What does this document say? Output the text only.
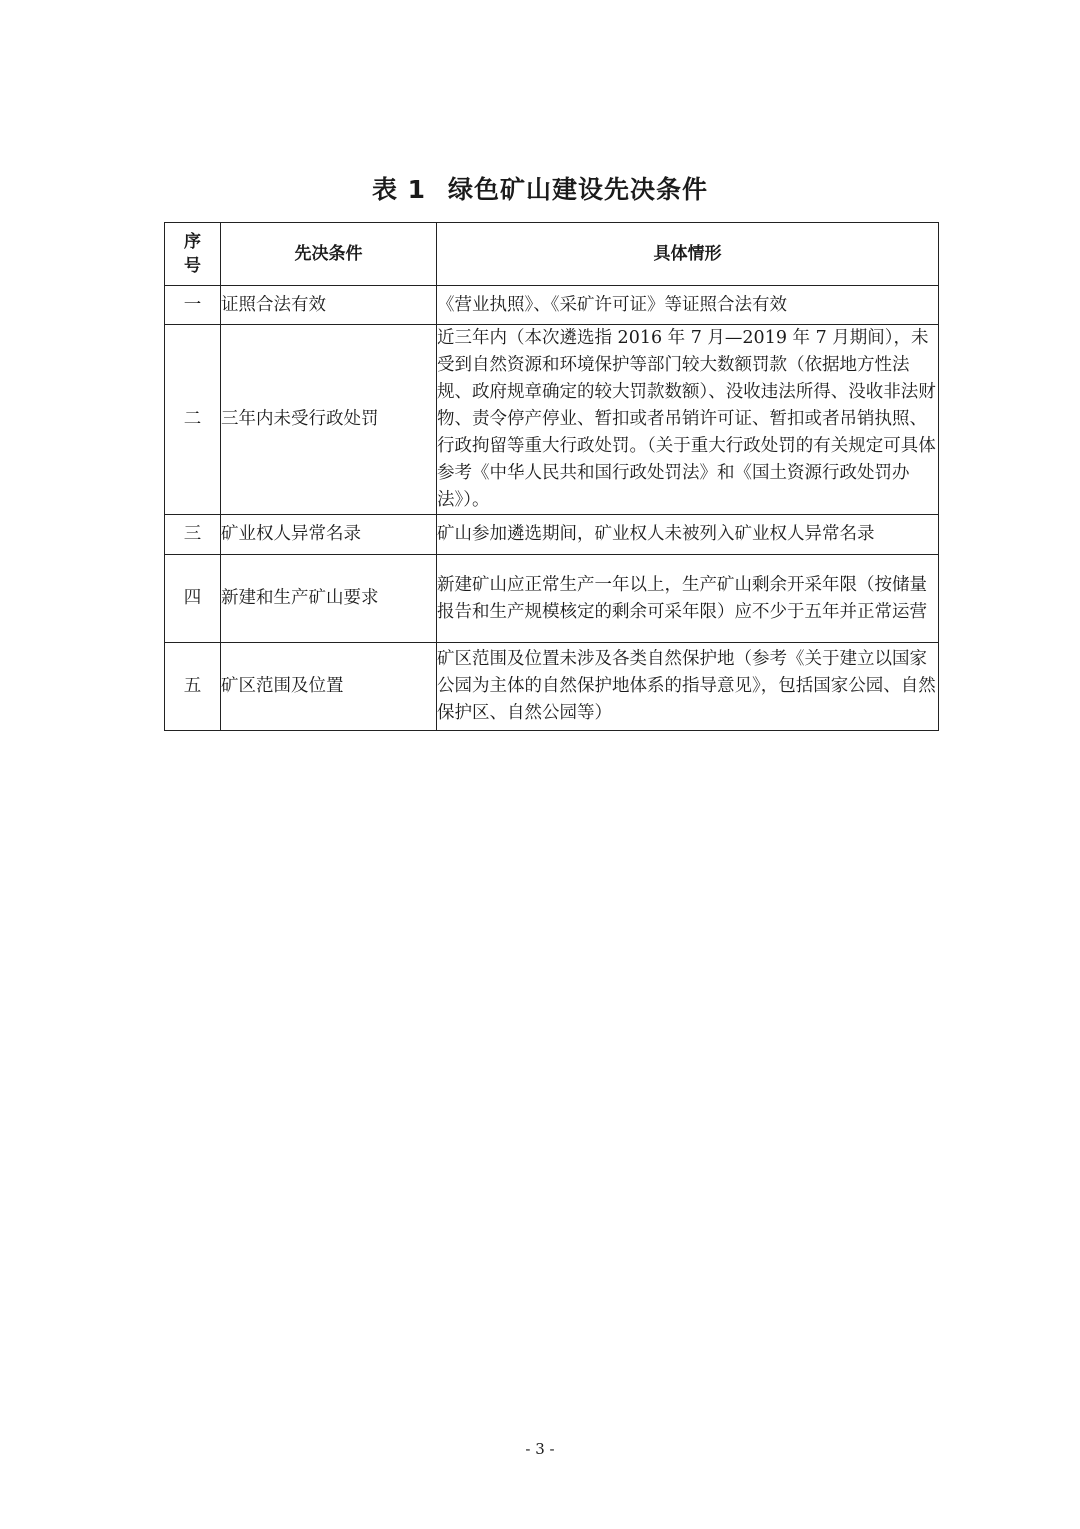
表 1 绿色矿山建设先决条件
序
号	先决条件	具体情形
一	证照合法有效	《营业执照》、《采矿许可证》等证照合法有效
二	三年内未受行政处罚	近三年内（本次遴选指 2016 年 7 月—2019 年 7 月期间），未受到自然资源和环境保护等部门较大数额罚款（依据地方性法规、政府规章确定的较大罚款数额）、没收违法所得、没收非法财物、责令停产停业、暂扣或者吊销许可证、暂扣或者吊销执照、行政拘留等重大行政处罚。（关于重大行政处罚的有关规定可具体参考《中华人民共和国行政处罚法》和《国土资源行政处罚办法》）。
三	矿业权人异常名录	矿山参加遴选期间，矿业权人未被列入矿业权人异常名录
四	新建和生产矿山要求	新建矿山应正常生产一年以上，生产矿山剩余开采年限（按储量报告和生产规模核定的剩余可采年限）应不少于五年并正常运营
五	矿区范围及位置	矿区范围及位置未涉及各类自然保护地（参考《关于建立以国家公园为主体的自然保护地体系的指导意见》，包括国家公园、自然保护区、自然公园等）
- 3 -
